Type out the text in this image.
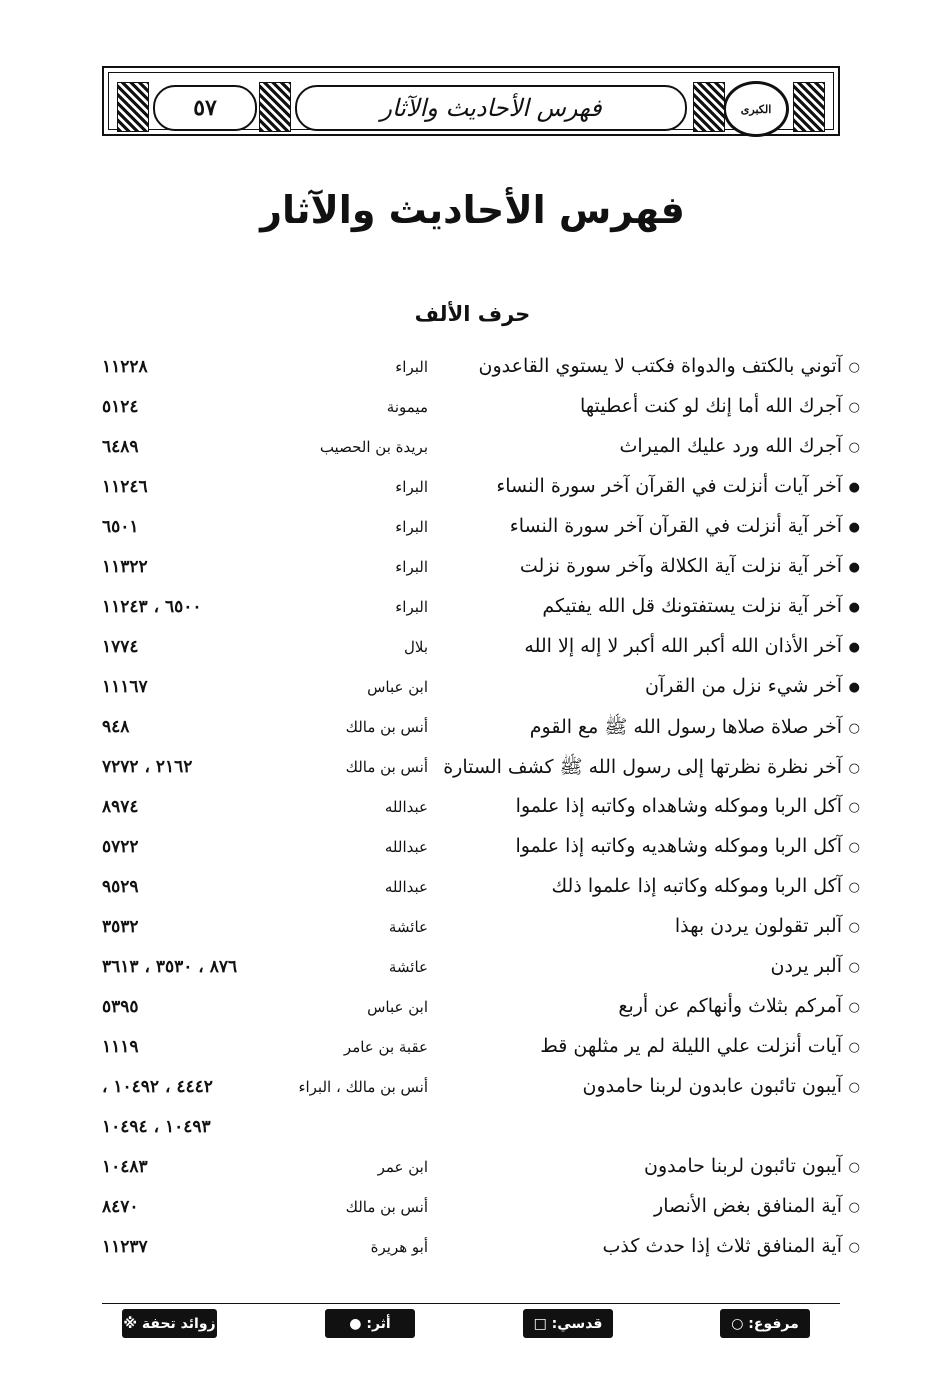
الكبرى
فهرس الأحاديث والآثار
٥٧
فهرس الأحاديث والآثار
حرف الألف
○آتوني بالكتف والدواة فكتب لا يستوي القاعدون
البراء
١١٢٢٨
○آجرك الله أما إنك لو كنت أعطيتها
ميمونة
٥١٢٤
○آجرك الله ورد عليك الميراث
بريدة بن الحصيب
٦٤٨٩
●آخر آيات أنزلت في القرآن آخر سورة النساء
البراء
١١٢٤٦
●آخر آية أنزلت في القرآن آخر سورة النساء
البراء
٦٥٠١
●آخر آية نزلت آية الكلالة وآخر سورة نزلت
البراء
١١٣٢٢
●آخر آية نزلت يستفتونك قل الله يفتيكم
البراء
٦٥٠٠ ، ١١٢٤٣
●آخر الأذان الله أكبر الله أكبر لا إله إلا الله
بلال
١٧٧٤
●آخر شيء نزل من القرآن
ابن عباس
١١١٦٧
○آخر صلاة صلاها رسول الله ﷺ مع القوم
أنس بن مالك
٩٤٨
○آخر نظرة نظرتها إلى رسول الله ﷺ كشف الستارة
أنس بن مالك
٢١٦٢ ، ٧٢٧٢
○آكل الربا وموكله وشاهداه وكاتبه إذا علموا
عبدالله
٨٩٧٤
○آكل الربا وموكله وشاهديه وكاتبه إذا علموا
عبدالله
٥٧٢٢
○آكل الربا وموكله وكاتبه إذا علموا ذلك
عبدالله
٩٥٢٩
○آلبر تقولون يردن بهذا
عائشة
٣٥٣٢
○آلبر يردن
عائشة
٨٧٦ ، ٣٥٣٠ ، ٣٦١٣
○آمركم بثلاث وأنهاكم عن أربع
ابن عباس
٥٣٩٥
○آيات أنزلت علي الليلة لم ير مثلهن قط
عقبة بن عامر
١١١٩
○آيبون تائبون عابدون لربنا حامدون
أنس بن مالك ، البراء
٤٤٤٢ ، ١٠٤٩٢ ،
١٠٤٩٣ ، ١٠٤٩٤
○آيبون تائبون لربنا حامدون
ابن عمر
١٠٤٨٣
○آية المنافق بغض الأنصار
أنس بن مالك
٨٤٧٠
○آية المنافق ثلاث إذا حدث كذب
أبو هريرة
١١٢٣٧
مرفوع: ○
قدسي: □
أثر: ●
زوائد تحفة ※
